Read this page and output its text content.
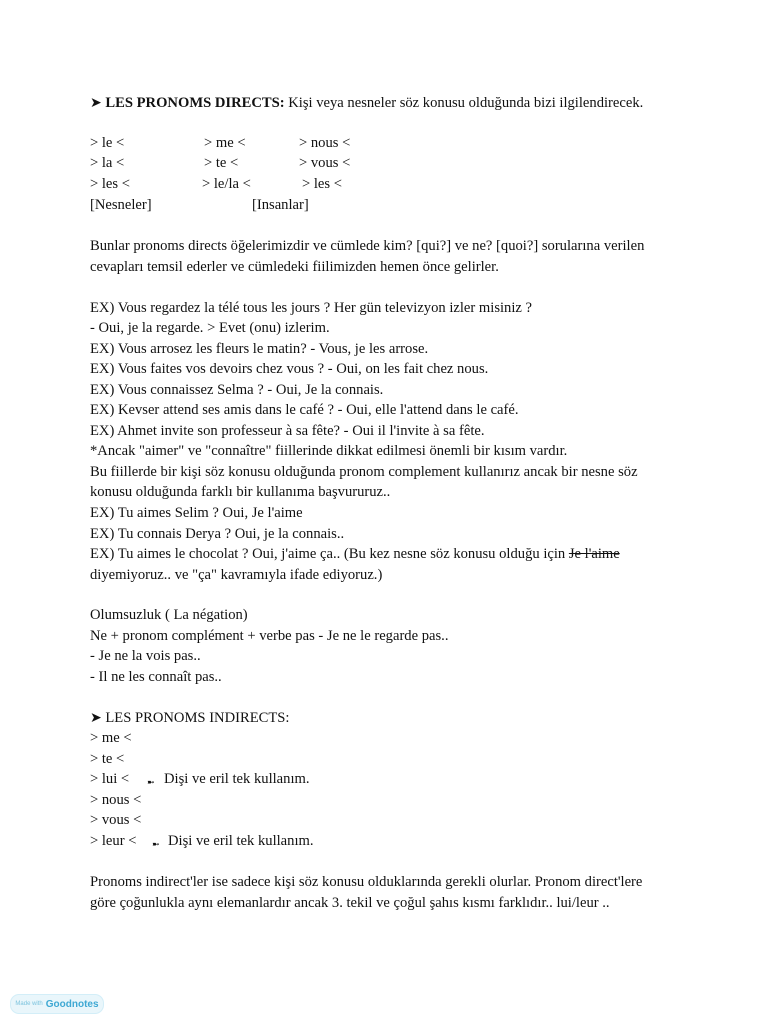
➤ LES PRONOMS DIRECTS: Kişi veya nesneler söz konusu olduğunda bizi ilgilendirecek.
> le <	> me <	> nous <
> la <	> te <	> vous <
> les <	> le/la <	> les <
[Nesneler]	[Insanlar]
Bunlar pronoms directs öğelerimizdir ve cümlede kim? [qui?] ve ne? [quoi?] sorularına verilen
cevapları temsil ederler ve cümledeki fiilimizden hemen önce gelirler.
EX) Vous regardez la télé tous les jours ? Her gün televizyon izler misiniz ?
- Oui, je la regarde. > Evet (onu) izlerim.
EX) Vous arrosez les fleurs le matin? - Vous, je les arrose.
EX) Vous faites vos devoirs chez vous ? - Oui, on les fait chez nous.
EX) Vous connaissez Selma ? - Oui, Je la connais.
EX) Kevser attend ses amis dans le café ? - Oui, elle l'attend dans le café.
EX) Ahmet invite son professeur à sa fête? - Oui il l'invite à sa fête.
*Ancak "aimer" ve "connaître" fiillerinde dikkat edilmesi önemli bir kısım vardır.
Bu fiillerde bir kişi söz konusu olduğunda pronom complement kullanırız ancak bir nesne söz
konusu olduğunda farklı bir kullanıma başvururuz..
EX) Tu aimes Selim ? Oui, Je l'aime
EX) Tu connais Derya ? Oui, je la connais..
EX) Tu aimes le chocolat ? Oui, j'aime ça.. (Bu kez nesne söz konusu olduğu için Je l'aime
diyemiyoruz.. ve "ça" kavramıyla ifade ediyoruz.)
Olumsuzluk ( La négation)
Ne + pronom complément + verbe pas - Je ne le regarde pas..
- Je ne la vois pas..
- Il ne les connaît pas..
➤ LES PRONOMS INDIRECTS:
> me <
> te <
> lui < ➼ Dişi ve eril tek kullanım.
> nous <
> vous <
> leur < ➼ Dişi ve eril tek kullanım.
Pronoms indirect'ler ise sadece kişi söz konusu olduklarında gerekli olurlar. Pronom direct'lere
göre çoğunlukla aynı elemanlardır ancak 3. tekil ve çoğul şahıs kısmı farklıdır.. lui/leur ..
Made with Goodnotes
